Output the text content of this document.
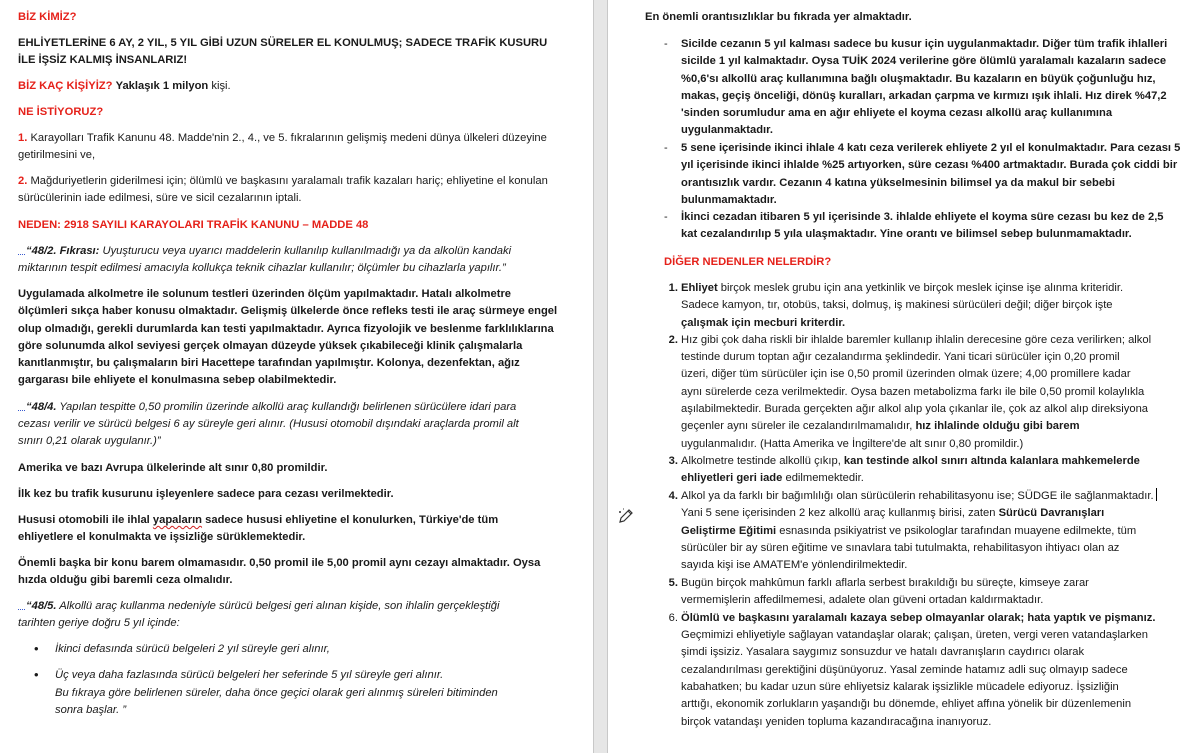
BİZ KİMİZ?

EHLİYETLERİNE 6 AY, 2 YIL, 5 YIL GİBİ UZUN SÜRELER EL KONULMUŞ; SADECE TRAFİK KUSURU İLE İŞSİZ KALMIŞ İNSANLARIZ!

BİZ KAÇ KİŞİYİZ? Yaklaşık 1 milyon kişi.

NE İSTİYORUZ?

1. Karayolları Trafik Kanunu 48. Madde'nin 2., 4., ve 5. fıkralarının gelişmiş medeni dünya ülkeleri düzeyine getirilmesini ve,

2. Mağduriyetlerin giderilmesi için; ölümlü ve başkasını yaralamalı trafik kazaları hariç; ehliyetine el konulan sürücülerinin iade edilmesi, süre ve sicil cezalarının iptali.

NEDEN: 2918 SAYILI KARAYOLARI TRAFİK KANUNU – MADDE 48

“48/2. Fıkrası: Uyuşturucu veya uyarıcı maddelerin kullanılıp kullanılmadığı ya da alkolün kandaki

miktarının tespit edilmesi amacıyla kollukça teknik cihazlar kullanılır; ölçümler bu cihazlarla yapılır.”

Uygulamada alkolmetre ile solunum testleri üzerinden ölçüm yapılmaktadır. Hatalı alkolmetre ölçümleri sıkça haber konusu olmaktadır. Gelişmiş ülkelerde önce refleks testi ile araç sürmeye engel olup olmadığı, gerekli durumlarda kan testi yapılmaktadır. Ayrıca fizyolojik ve beslenme farklılıklarına göre solunumda alkol seviyesi gerçek olmayan düzeyde yüksek çıkabileceği klinik çalışmalarla kanıtlanmıştır, bu çalışmaların biri Hacettepe tarafından yapılmıştır. Kolonya, dezenfektan, ağız gargarası bile ehliyete el konulmasına sebep olabilmektedir.

“48/4. Yapılan tespitte 0,50 promilin üzerinde alkollü araç kullandığı belirlenen sürücülere idari para

cezası verilir ve sürücü belgesi 6 ay süreyle geri alınır. (Hususi otomobil dışındaki araçlarda promil alt

sınırı 0,21 olarak uygulanır.)”

Amerika ve bazı Avrupa ülkelerinde alt sınır 0,80 promildir.

İlk kez bu trafik kusurunu işleyenlere sadece para cezası verilmektedir.

Hususi otomobili ile ihlal yapaların sadece hususi ehliyetine el konulurken, Türkiye'de tüm

ehliyetlere el konulmakta ve işsizliğe sürüklemektedir.

Önemli başka bir konu barem olmamasıdır. 0,50 promil ile 5,00 promil aynı cezayı almaktadır. Oysa hızda olduğu gibi baremli ceza olmalıdır.

“48/5. Alkollü araç kullanma nedeniyle sürücü belgesi geri alınan kişide, son ihlalin gerçekleştiği

tarihten geriye doğru 5 yıl içinde:

• İkinci defasında sürücü belgeleri 2 yıl süreyle geri alınır,

• Üç veya daha fazlasında sürücü belgeleri her seferinde 5 yıl süreyle geri alınır.

Bu fıkraya göre belirlenen süreler, daha önce geçici olarak geri alınmış süreleri bitiminden sonra başlar. ”

En önemli orantısızlıklar bu fıkrada yer almaktadır.

- Sicilde cezanın 5 yıl kalması sadece bu kusur için uygulanmaktadır. Diğer tüm trafik ihlalleri sicilde 1 yıl kalmaktadır. Oysa TUİK 2024 verilerine göre ölümlü yaralamalı kazaların sadece %0,6'sı alkollü araç kullanımına bağlı oluşmaktadır. Bu kazaların en büyük çoğunluğu hız, makas, geçiş önceliği, dönüş kuralları, arkadan çarpma ve kırmızı ışık ihlali. Hız direk %47,2 'sinden sorumludur ama en ağır ehliyete el koyma cezası alkollü araç kullanımına uygulanmaktadır.

- 5 sene içerisinde ikinci ihlale 4 katı ceza verilerek ehliyete 2 yıl el konulmaktadır. Para cezası 5 yıl içerisinde ikinci ihlalde %25 artıyorken, süre cezası %400 artmaktadır. Burada çok ciddi bir orantısızlık vardır. Cezanın 4 katına yükselmesinin bilimsel ya da makul bir sebebi bulunmamaktadır.

- İkinci cezadan itibaren 5 yıl içerisinde 3. ihlalde ehliyete el koyma süre cezası bu kez de 2,5 kat cezalandırılıp 5 yıla ulaşmaktadır. Yine orantı ve bilimsel sebep bulunmamaktadır.

DİĞER NEDENLER NELERDİR?

1. Ehliyet birçok meslek grubu için ana yetkinlik ve birçok meslek içinse işe alınma kriteridir.

Sadece kamyon, tır, otobüs, taksi, dolmuş, iş makinesi sürücüleri değil; diğer birçok işte

çalışmak için mecburi kriterdir.

2. Hız gibi çok daha riskli bir ihlalde baremler kullanıp ihlalin derecesine göre ceza verilirken; alkol

testinde durum toptan ağır cezalandırma şeklindedir. Yani ticari sürücüler için 0,20 promil

üzeri, diğer tüm sürücüler için ise 0,50 promil üzerinden olmak üzere; 4,00 promillere kadar

aynı sürelerde ceza verilmektedir. Oysa bazen metabolizma farkı ile bile 0,50 promil kolaylıkla

aşılabilmektedir. Burada gerçekten ağır alkol alıp yola çıkanlar ile, çok az alkol alıp direksiyona

geçenler aynı süreler ile cezalandırılmamalıdır, hız ihlalinde olduğu gibi barem

uygulanmalıdır. (Hatta Amerika ve İngiltere'de alt sınır 0,80 promildir.)

3. Alkolmetre testinde alkollü çıkıp, kan testinde alkol sınırı altında kalanlara mahkemelerde

ehliyetleri geri iade edilmemektedir.

4. Alkol ya da farklı bir bağımlılığı olan sürücülerin rehabilitasyonu ise; SÜDGE ile sağlanmaktadır.

Yani 5 sene içerisinden 2 kez alkollü araç kullanmış birisi, zaten Sürücü Davranışları

Geliştirme Eğitimi esnasında psikiyatrist ve psikologlar tarafından muayene edilmekte, tüm

sürücüler bir ay süren eğitime ve sınavlara tabi tutulmakta, rehabilitasyon ihtiyacı olan az

sayıda kişi ise AMATEM'e yönlendirilmektedir.

5. Bugün birçok mahkûmun farklı aflarla serbest bırakıldığı bu süreçte, kimseye zarar

vermemişlerin affedilmemesi, adalete olan güveni ortadan kaldırmaktadır.

6. Ölümlü ve başkasını yaralamalı kazaya sebep olmayanlar olarak; hata yaptık ve pişmanız.

Geçmimizi ehliyetiyle sağlayan vatandaşlar olarak; çalışan, üreten, vergi veren vatandaşlarken

şimdi işsiziz. Yasalara saygımız sonsuzdur ve hatalı davranışların caydırıcı olarak

cezalandırılması gerektiğini düşünüyoruz. Yasal zeminde hatamız adli suç olmayıp sadece

kabahatken; bu kadar uzun süre ehliyetsiz kalarak işsizlikle mücadele ediyoruz. İşsizliğin

arttığı, ekonomik zorlukların yaşandığı bu dönemde, ehliyet affına yönelik bir düzenlemenin

birçok vatandaşı yeniden topluma kazandıracağına inanıyoruz.
